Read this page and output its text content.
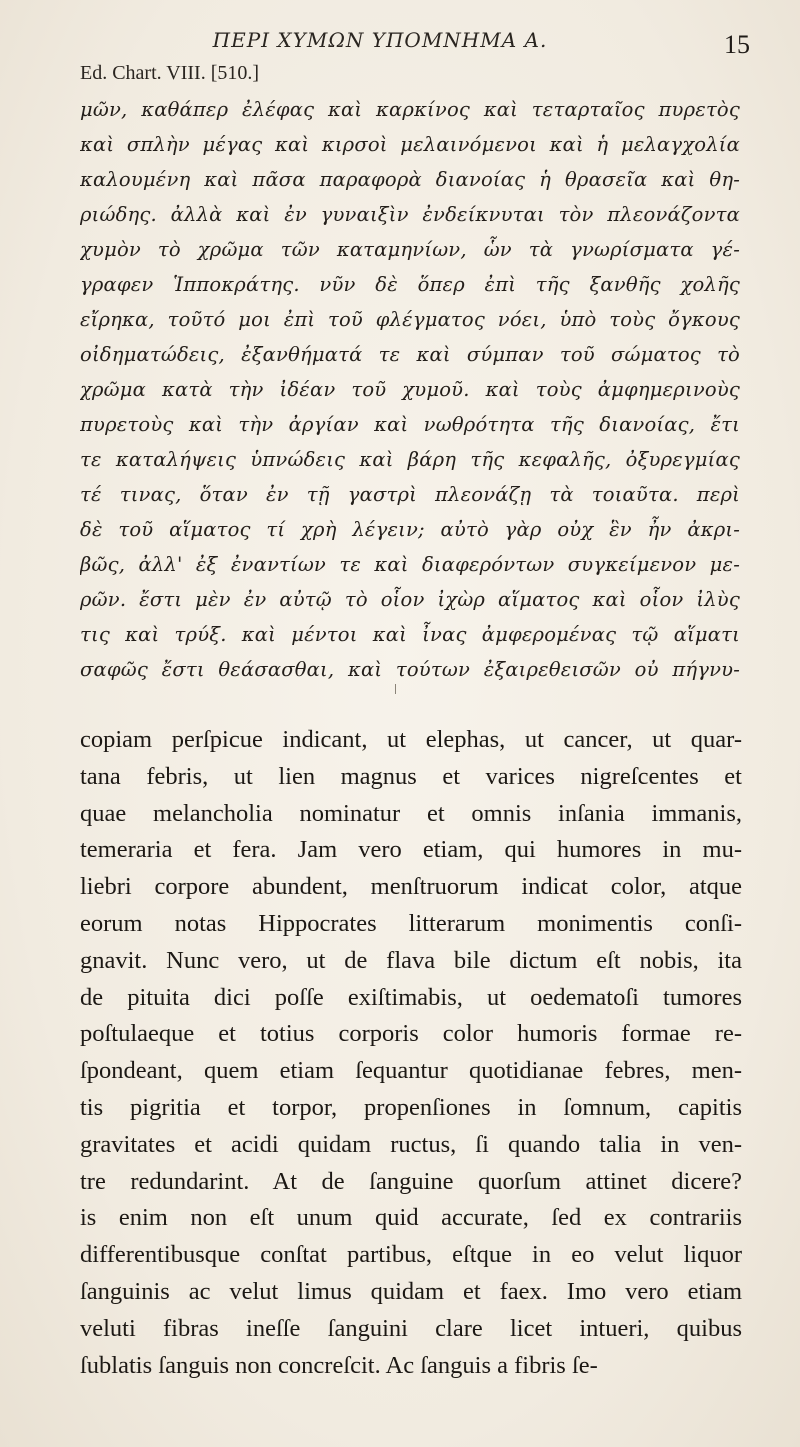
ΠΕΡΙ ΧΥΜΩΝ ΥΠΟΜΝΗΜΑ Α.	15
Ed. Chart. VIII. [510.]
μῶν, καθάπερ ἐλέφας καὶ καρκίνος καὶ τεταρταῖος πυρετὸς
καὶ σπλὴν μέγας καὶ κιρσοὶ μελαινόμενοι καὶ ἡ μελαγχολία
καλουμένη καὶ πᾶσα παραφορὰ διανοίας ἡ θρασεῖα καὶ θη-
ριώδης. ἀλλὰ καὶ ἐν γυναιξὶν ἐνδείκνυται τὸν πλεονάζοντα
χυμὸν τὸ χρῶμα τῶν καταμηνίων, ὧν τὰ γνωρίσματα γέ-
γραφεν Ἱπποκράτης. νῦν δὲ ὅπερ ἐπὶ τῆς ξανθῆς χολῆς
εἴρηκα, τοῦτό μοι ἐπὶ τοῦ φλέγματος νόει, ὑπὸ τοὺς ὄγκους
οἰδηματώδεις, ἐξανθήματά τε καὶ σύμπαν τοῦ σώματος τὸ
χρῶμα κατὰ τὴν ἰδέαν τοῦ χυμοῦ. καὶ τοὺς ἀμφημερινοὺς
πυρετοὺς καὶ τὴν ἀργίαν καὶ νωθρότητα τῆς διανοίας, ἔτι
τε καταλήψεις ὑπνώδεις καὶ βάρη τῆς κεφαλῆς, ὀξυρεγμίας
τέ τινας, ὅταν ἐν τῇ γαστρὶ πλεονάζῃ τὰ τοιαῦτα. περὶ
δὲ τοῦ αἵματος τί χρὴ λέγειν; αὐτὸ γὰρ οὐχ ἓν ἦν ἀκρι-
βῶς, ἀλλ' ἐξ ἐναντίων τε καὶ διαφερόντων συγκείμενον με-
ρῶν. ἔστι μὲν ἐν αὐτῷ τὸ οἷον ἰχὼρ αἵματος καὶ οἷον ἰλὺς
τις καὶ τρύξ. καὶ μέντοι καὶ ἶνας ἀμφερομένας τῷ αἵματι
σαφῶς ἔστι θεάσασθαι, καὶ τούτων ἐξαιρεθεισῶν οὐ πήγνυ-
copiam perſpicue indicant, ut elephas, ut cancer, ut quar-
tana febris, ut lien magnus et varices nigreſcentes et
quae melancholia nominatur et omnis inſania immanis,
temeraria et fera. Jam vero etiam, qui humores in mu-
liebri corpore abundent, menſtruorum indicat color, atque
eorum notas Hippocrates litterarum monimentis conſi-
gnavit. Nunc vero, ut de flava bile dictum eſt nobis, ita
de pituita dici poſſe exiſtimabis, ut oedematoſi tumores
poſtulaeque et totius corporis color humoris formae re-
ſpondeant, quem etiam ſequantur quotidianae febres, men-
tis pigritia et torpor, propenſiones in ſomnum, capitis
gravitates et acidi quidam ructus, ſi quando talia in ven-
tre redundarint. At de ſanguine quorſum attinet dicere?
is enim non eſt unum quid accurate, ſed ex contrariis
differentibusque conſtat partibus, eſtque in eo velut liquor
ſanguinis ac velut limus quidam et faex. Imo vero etiam
veluti fibras ineſſe ſanguini clare licet intueri, quibus
ſublatis ſanguis non concreſcit. Ac ſanguis a fibris ſe-
